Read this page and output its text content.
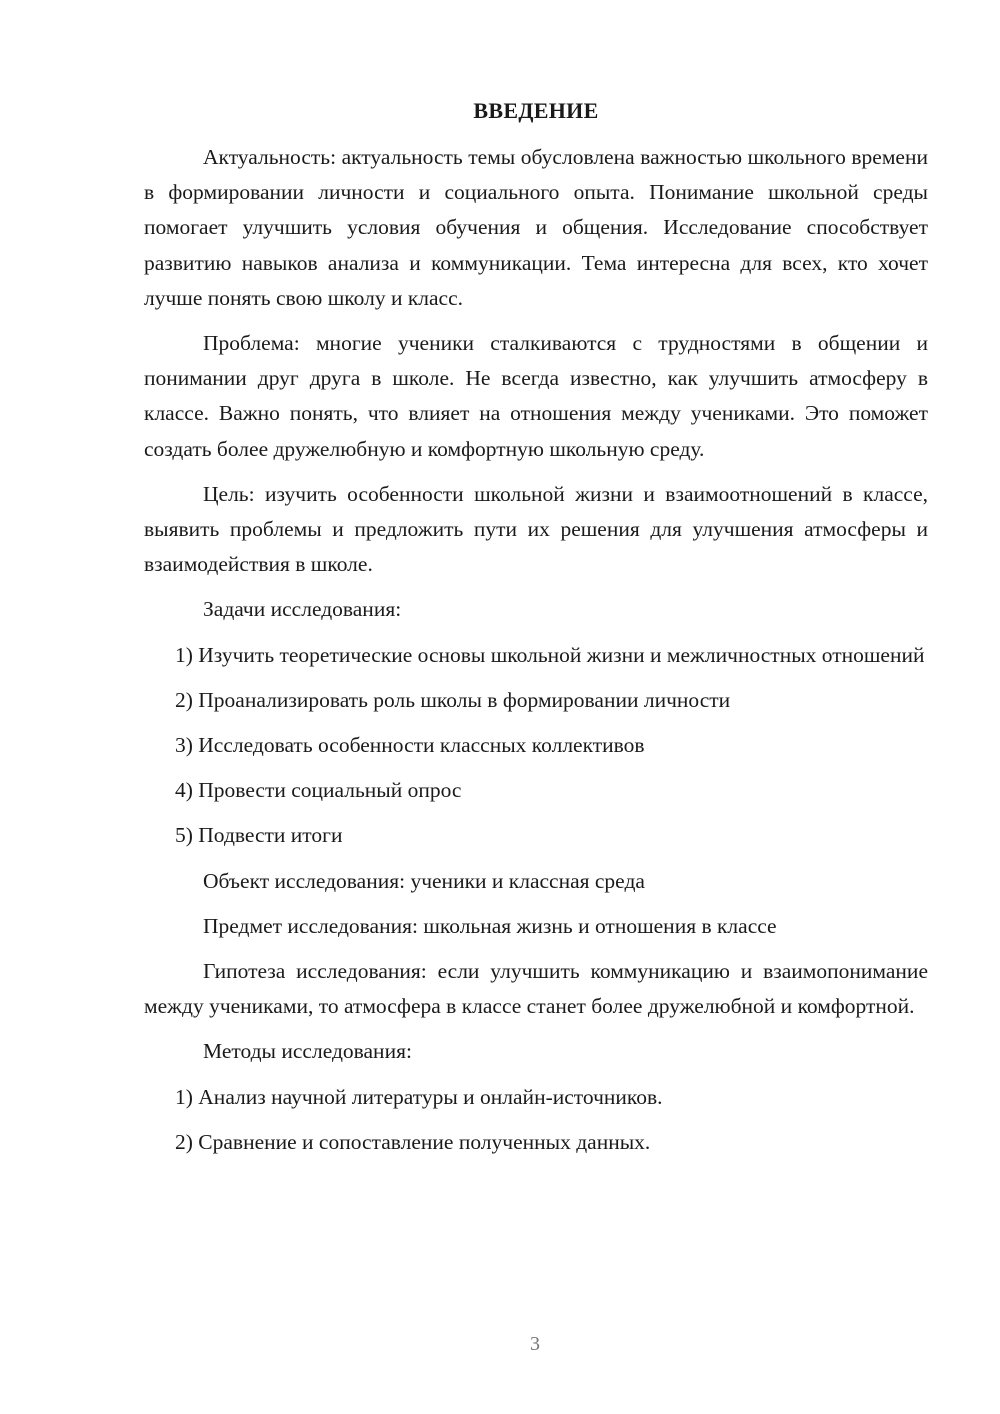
ВВЕДЕНИЕ

Актуальность: актуальность темы обусловлена важностью школьного времени в формировании личности и социального опыта. Понимание школьной среды помогает улучшить условия обучения и общения. Исследование способствует развитию навыков анализа и коммуникации. Тема интересна для всех, кто хочет лучше понять свою школу и класс.

Проблема: многие ученики сталкиваются с трудностями в общении и понимании друг друга в школе. Не всегда известно, как улучшить атмосферу в классе. Важно понять, что влияет на отношения между учениками. Это поможет создать более дружелюбную и комфортную школьную среду.

Цель: изучить особенности школьной жизни и взаимоотношений в классе, выявить проблемы и предложить пути их решения для улучшения атмосферы и взаимодействия в школе.

Задачи исследования:

1) Изучить теоретические основы школьной жизни и межличностных отношений

2) Проанализировать роль школы в формировании личности

3) Исследовать особенности классных коллективов

4) Провести социальный опрос

5) Подвести итоги

Объект исследования: ученики и классная среда

Предмет исследования: школьная жизнь и отношения в классе

Гипотеза исследования: если улучшить коммуникацию и взаимопонимание между учениками, то атмосфера в классе станет более дружелюбной и комфортной.

Методы исследования:

1) Анализ научной литературы и онлайн-источников.

2) Сравнение и сопоставление полученных данных.

3
